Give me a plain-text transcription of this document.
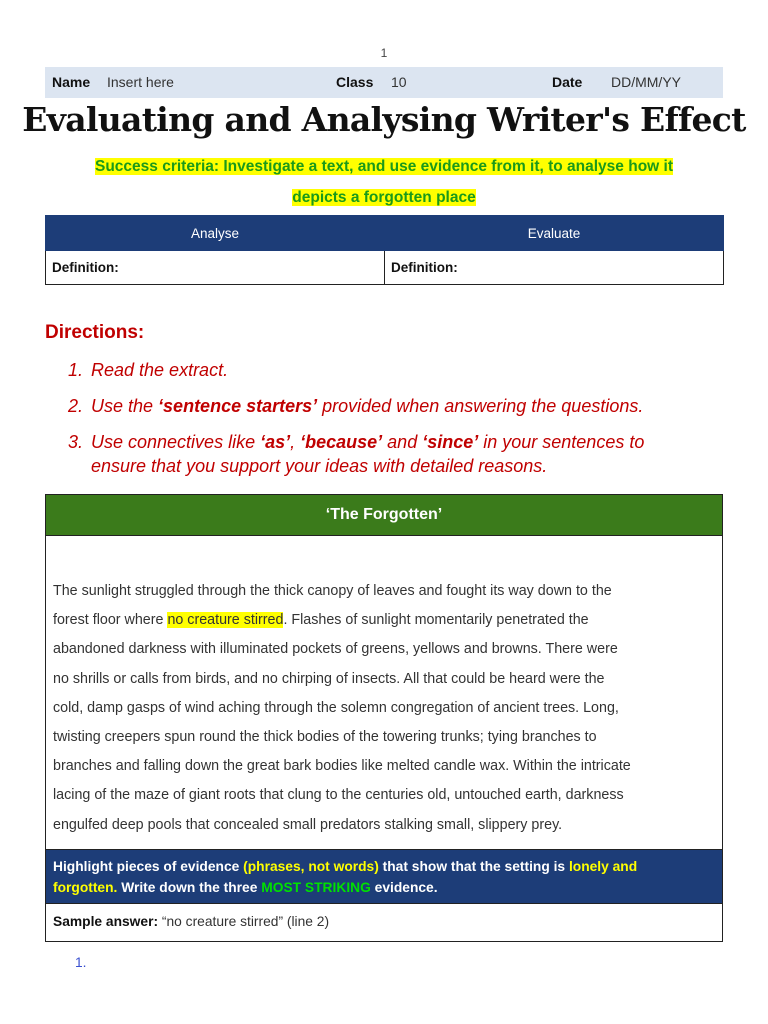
1
Name Insert here	Class 10	Date DD/MM/YY
Evaluating and Analysing Writer's Effect
Success criteria: Investigate a text, and use evidence from it, to analyse how it
depicts a forgotten place
Analyse	Evaluate
Definition:	Definition:
Directions:
1. Read the extract.
2. Use the ‘sentence starters’ provided when answering the questions.
3. Use connectives like ‘as’, ‘because’ and ‘since’ in your sentences to
ensure that you support your ideas with detailed reasons.
‘The Forgotten’
The sunlight struggled through the thick canopy of leaves and fought its way down to the
forest floor where no creature stirred. Flashes of sunlight momentarily penetrated the
abandoned darkness with illuminated pockets of greens, yellows and browns. There were
no shrills or calls from birds, and no chirping of insects. All that could be heard were the
cold, damp gasps of wind aching through the solemn congregation of ancient trees. Long,
twisting creepers spun round the thick bodies of the towering trunks; tying branches to
branches and falling down the great bark bodies like melted candle wax. Within the intricate
lacing of the maze of giant roots that clung to the centuries old, untouched earth, darkness
engulfed deep pools that concealed small predators stalking small, slippery prey.
Highlight pieces of evidence (phrases, not words) that show that the setting is lonely and
forgotten. Write down the three MOST STRIKING evidence.
Sample answer: “no creature stirred” (line 2)
1.
